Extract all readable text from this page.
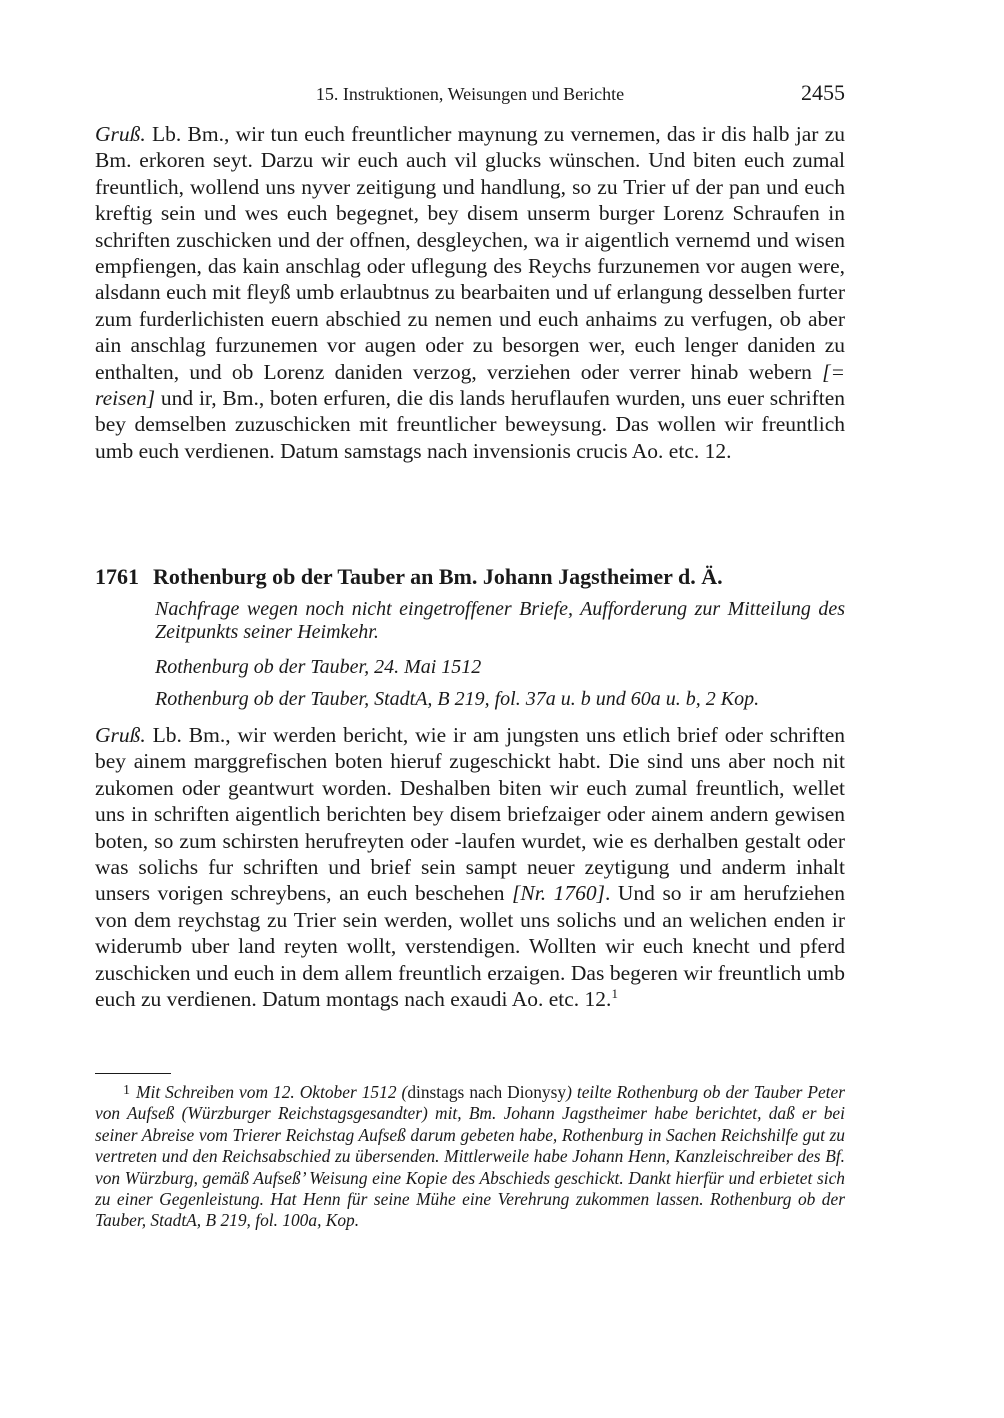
15. Instruktionen, Weisungen und Berichte	2455

Gruß. Lb. Bm., wir tun euch freuntlicher maynung zu vernemen, das ir dis halb jar zu Bm. erkoren seyt. Darzu wir euch auch vil glucks wünschen. Und biten euch zumal freuntlich, wollend uns nyver zeitigung und handlung, so zu Trier uf der pan und euch kreftig sein und wes euch begegnet, bey disem unserm burger Lorenz Schraufen in schriften zuschicken und der offnen, desgleychen, wa ir aigentlich vernemd und wisen empfiengen, das kain anschlag oder uflegung des Reychs furzunemen vor augen were, alsdann euch mit fleyß umb erlaubtnus zu bearbaiten und uf erlangung desselben furter zum furderlichisten euern abschied zu nemen und euch anhaims zu verfugen, ob aber ain anschlag furzunemen vor augen oder zu besorgen wer, euch lenger daniden zu enthalten, und ob Lorenz daniden verzog, verziehen oder verrer hinab webern [= reisen] und ir, Bm., boten erfuren, die dis lands heruflaufen wurden, uns euer schriften bey demselben zuzuschicken mit freuntlicher beweysung. Das wollen wir freuntlich umb euch verdienen. Datum samstags nach invensionis crucis Ao. etc. 12.

1761 Rothenburg ob der Tauber an Bm. Johann Jagstheimer d. Ä.
Nachfrage wegen noch nicht eingetroffener Briefe, Aufforderung zur Mitteilung des Zeitpunkts seiner Heimkehr.
Rothenburg ob der Tauber, 24. Mai 1512
Rothenburg ob der Tauber, StadtA, B 219, fol. 37a u. b und 60a u. b, 2 Kop.

Gruß. Lb. Bm., wir werden bericht, wie ir am jungsten uns etlich brief oder schriften bey ainem marggrefischen boten hieruf zugeschickt habt. Die sind uns aber noch nit zukomen oder geantwurt worden. Deshalben biten wir euch zumal freuntlich, wellet uns in schriften aigentlich berichten bey disem briefzaiger oder ainem andern gewisen boten, so zum schirsten herufreyten oder -laufen wurdet, wie es derhalben gestalt oder was solichs fur schriften und brief sein sampt neuer zeytigung und anderm inhalt unsers vorigen schreybens, an euch beschehen [Nr. 1760]. Und so ir am herufziehen von dem reychstag zu Trier sein werden, wollet uns solichs und an welichen enden ir widerumb uber land reyten wollt, verstendigen. Wollten wir euch knecht und pferd zuschicken und euch in dem allem freuntlich erzaigen. Das begeren wir freuntlich umb euch zu verdienen. Datum montags nach exaudi Ao. etc. 12.$^1$

$^1$ Mit Schreiben vom 12. Oktober 1512 (dinstags nach Dionysy) teilte Rothenburg ob der Tauber Peter von Aufseß (Würzburger Reichstagsgesandter) mit, Bm. Johann Jagstheimer habe berichtet, daß er bei seiner Abreise vom Trierer Reichstag Aufseß darum gebeten habe, Rothenburg in Sachen Reichshilfe gut zu vertreten und den Reichsabschied zu übersenden. Mittlerweile habe Johann Henn, Kanzleischreiber des Bf. von Würzburg, gemäß Aufseß’ Weisung eine Kopie des Abschieds geschickt. Dankt hierfür und erbietet sich zu einer Gegenleistung. Hat Henn für seine Mühe eine Verehrung zukommen lassen. Rothenburg ob der Tauber, StadtA, B 219, fol. 100a, Kop.
